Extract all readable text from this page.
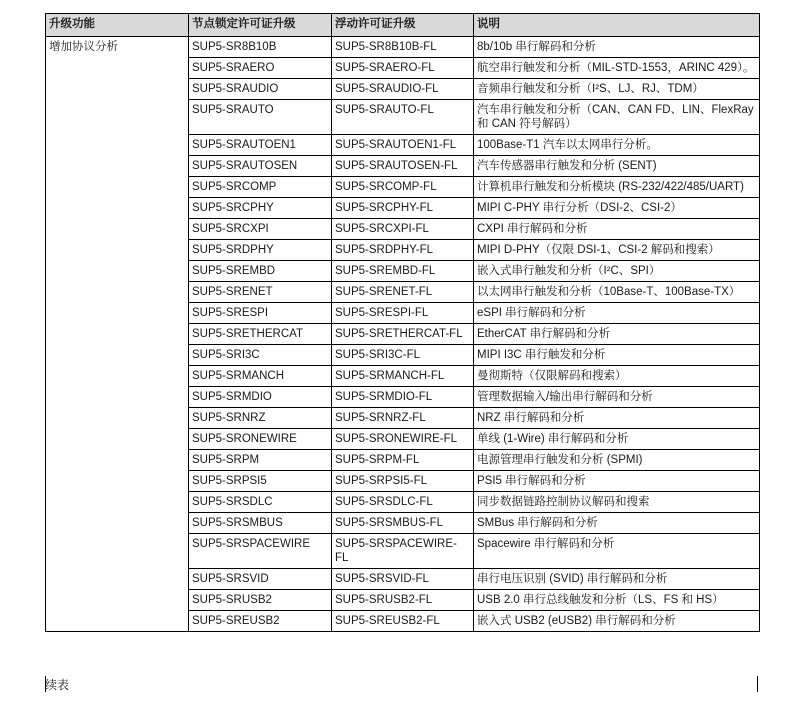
升级功能	节点锁定许可证升级	浮动许可证升级	说明
增加协议分析	SUP5-SR8B10B	SUP5-SR8B10B-FL	8b/10b 串行解码和分析
	SUP5-SRAERO	SUP5-SRAERO-FL	航空串行触发和分析（MIL-STD-1553，ARINC 429）。
	SUP5-SRAUDIO	SUP5-SRAUDIO-FL	音频串行触发和分析（I²S、LJ、RJ、TDM）
	SUP5-SRAUTO	SUP5-SRAUTO-FL	汽车串行触发和分析（CAN、CAN FD、LIN、FlexRay 和 CAN 符号解码）
	SUP5-SRAUTOEN1	SUP5-SRAUTOEN1-FL	100Base-T1 汽车以太网串行分析。
	SUP5-SRAUTOSEN	SUP5-SRAUTOSEN-FL	汽车传感器串行触发和分析 (SENT)
	SUP5-SRCOMP	SUP5-SRCOMP-FL	计算机串行触发和分析模块 (RS-232/422/485/UART)
	SUP5-SRCPHY	SUP5-SRCPHY-FL	MIPI C-PHY 串行分析（DSI-2、CSI-2）
	SUP5-SRCXPI	SUP5-SRCXPI-FL	CXPI 串行解码和分析
	SUP5-SRDPHY	SUP5-SRDPHY-FL	MIPI D-PHY（仅限 DSI-1、CSI-2 解码和搜索）
	SUP5-SREMBD	SUP5-SREMBD-FL	嵌入式串行触发和分析（I²C、SPI）
	SUP5-SRENET	SUP5-SRENET-FL	以太网串行触发和分析（10Base-T、100Base-TX）
	SUP5-SRESPI	SUP5-SRESPI-FL	eSPI 串行解码和分析
	SUP5-SRETHERCAT	SUP5-SRETHERCAT-FL	EtherCAT 串行解码和分析
	SUP5-SRI3C	SUP5-SRI3C-FL	MIPI I3C 串行触发和分析
	SUP5-SRMANCH	SUP5-SRMANCH-FL	曼彻斯特（仅限解码和搜索）
	SUP5-SRMDIO	SUP5-SRMDIO-FL	管理数据输入/输出串行解码和分析
	SUP5-SRNRZ	SUP5-SRNRZ-FL	NRZ 串行解码和分析
	SUP5-SRONEWIRE	SUP5-SRONEWIRE-FL	单线 (1-Wire) 串行解码和分析
	SUP5-SRPM	SUP5-SRPM-FL	电源管理串行触发和分析 (SPMI)
	SUP5-SRPSI5	SUP5-SRPSI5-FL	PSI5 串行解码和分析
	SUP5-SRSDLC	SUP5-SRSDLC-FL	同步数据链路控制协议解码和搜索
	SUP5-SRSMBUS	SUP5-SRSMBUS-FL	SMBus 串行解码和分析
	SUP5-SRSPACEWIRE	SUP5-SRSPACEWIRE-FL	Spacewire 串行解码和分析
	SUP5-SRSVID	SUP5-SRSVID-FL	串行电压识别 (SVID) 串行解码和分析
	SUP5-SRUSB2	SUP5-SRUSB2-FL	USB 2.0 串行总线触发和分析（LS、FS 和 HS）
	SUP5-SREUSB2	SUP5-SREUSB2-FL	嵌入式 USB2 (eUSB2) 串行解码和分析
续表
